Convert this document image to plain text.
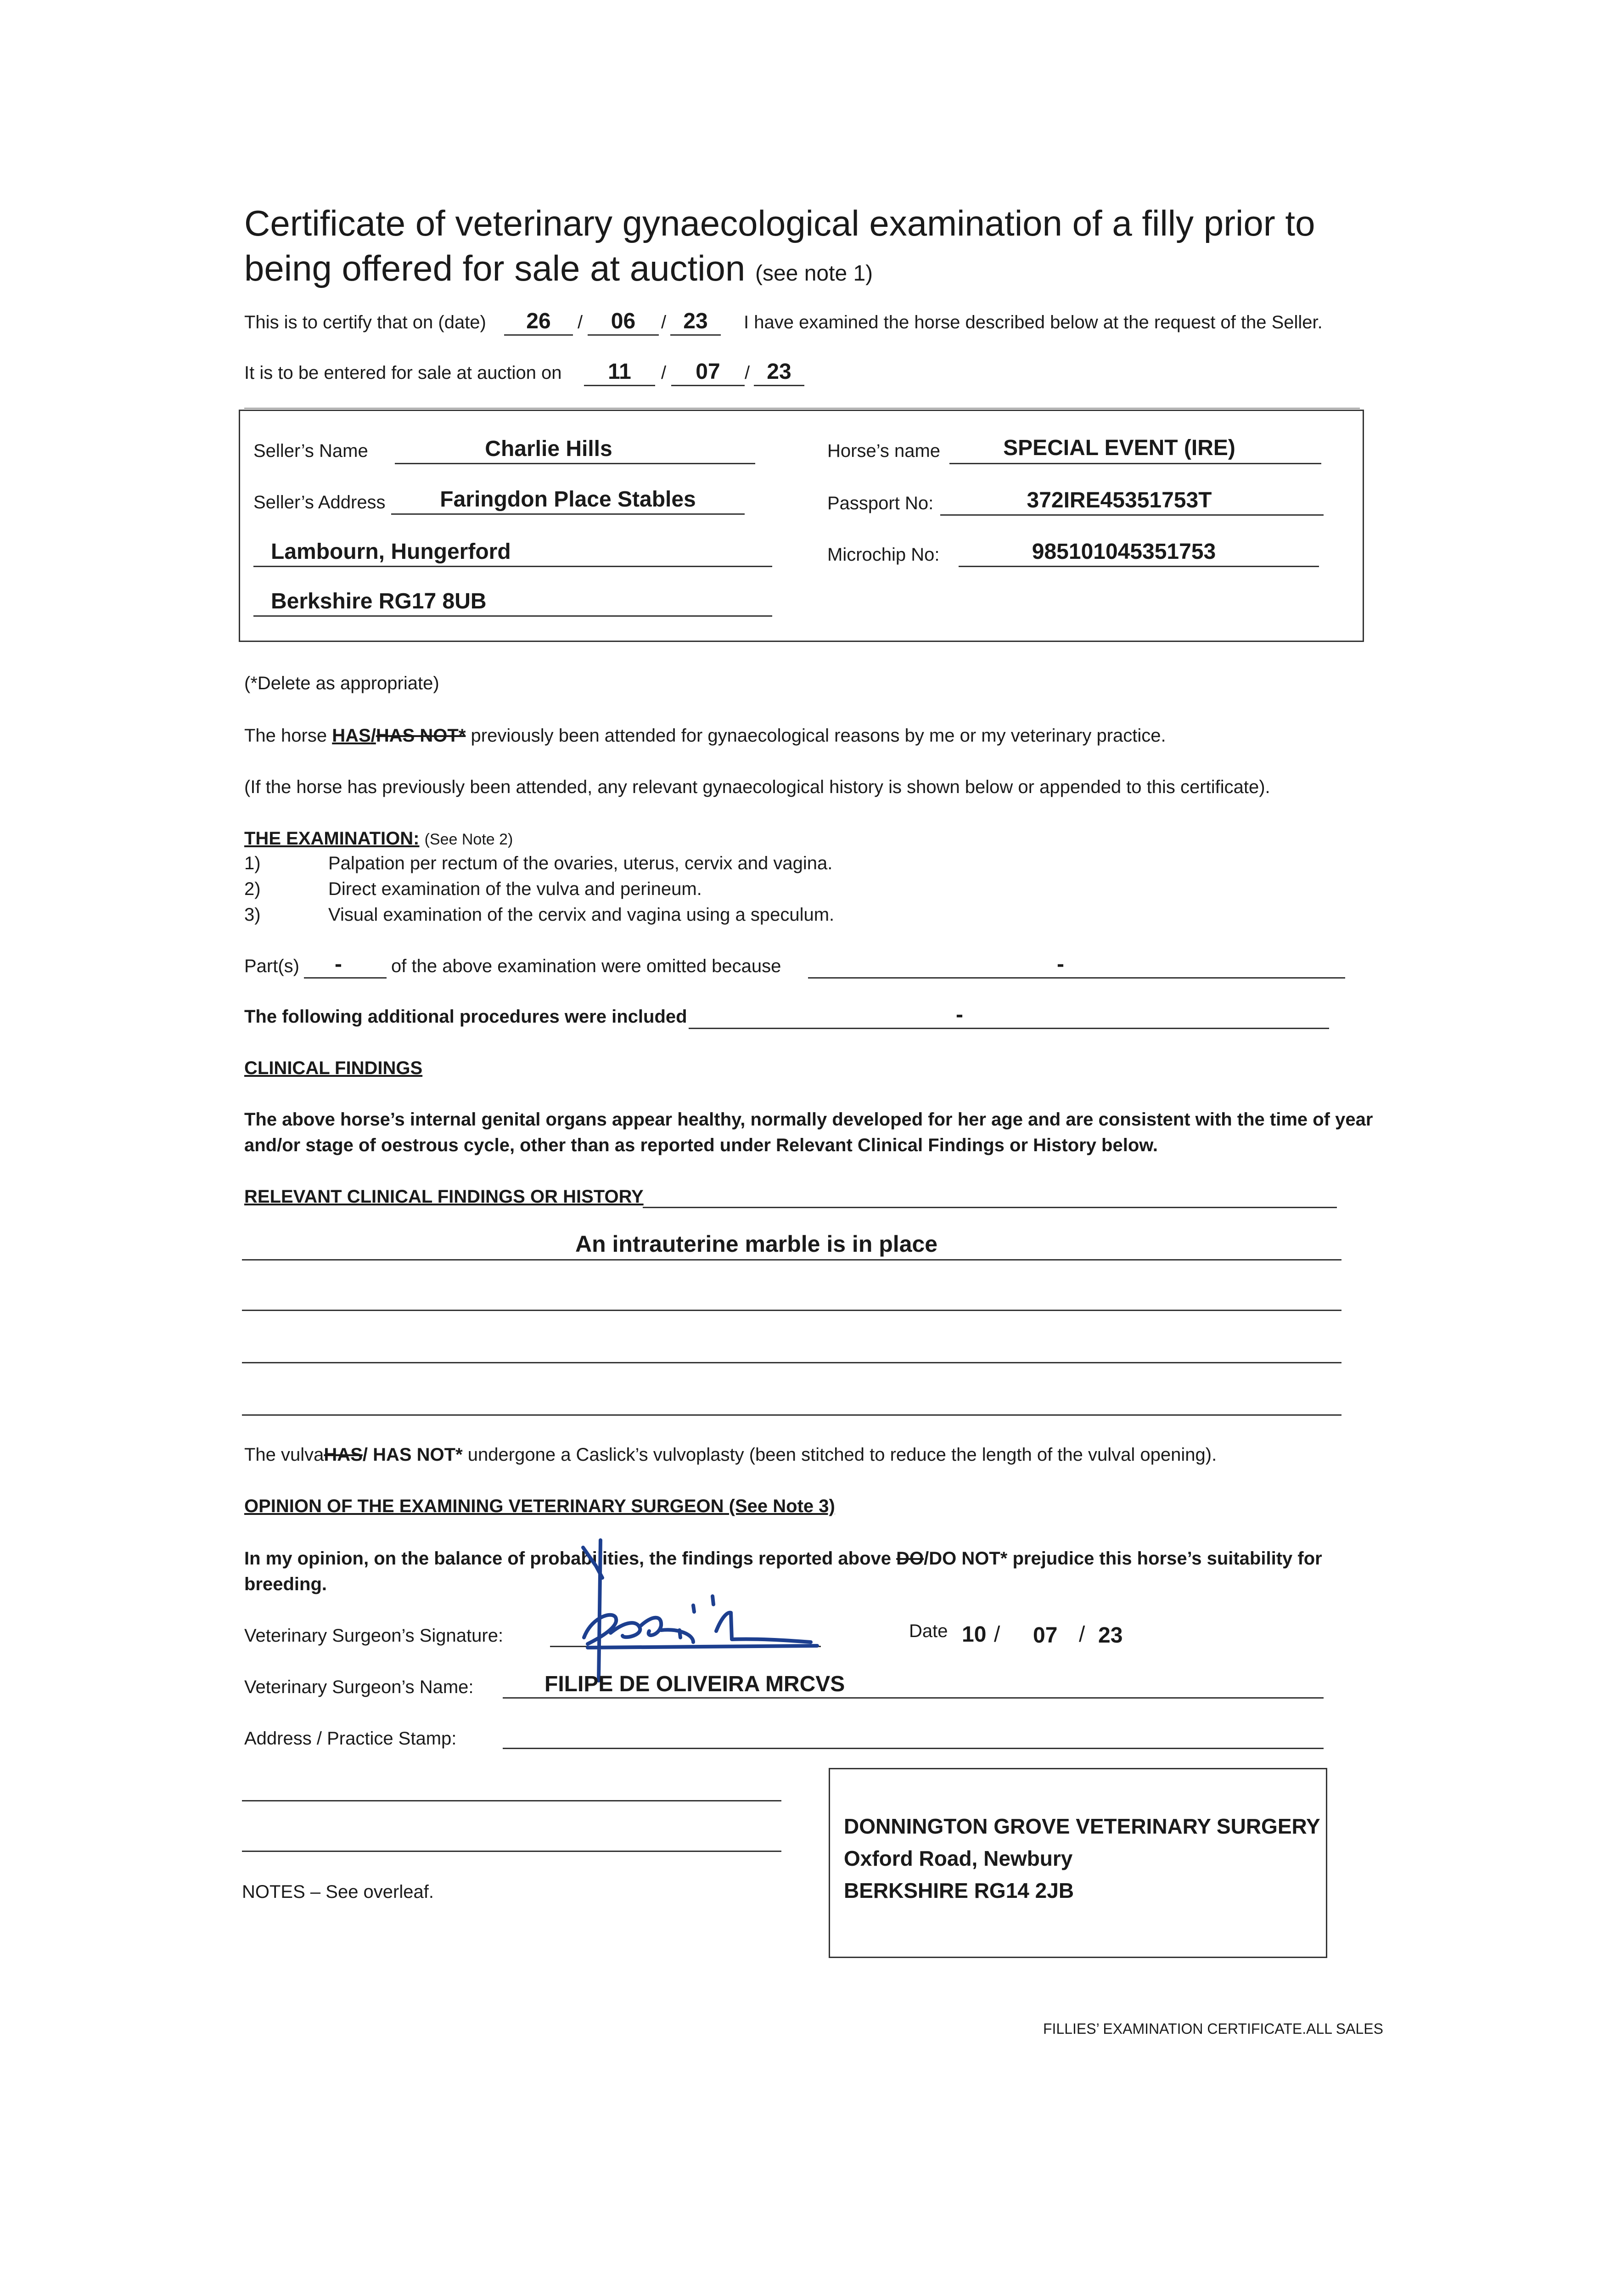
Certificate of veterinary gynaecological examination of a filly prior to
being offered for sale at auction (see note 1)
This is to certify that on (date)	26	/	06	/ 23	I have examined the horse described below at the request of the Seller.
It is to be entered for sale at auction on	11	/	07	/ 23
Seller’s Name	Charlie Hills
Seller’s Address	Faringdon Place Stables
Lambourn, Hungerford
Berkshire RG17 8UB
Horse’s name	SPECIAL EVENT (IRE)
Passport No:	372IRE45351753T
Microchip No:	985101045351753
(*Delete as appropriate)
The horse HAS/HAS NOT* previously been attended for gynaecological reasons by me or my veterinary practice.
(If the horse has previously been attended, any relevant gynaecological history is shown below or appended to this certificate).
THE EXAMINATION: (See Note 2)
1)	Palpation per rectum of the ovaries, uterus, cervix and vagina.
2)	Direct examination of the vulva and perineum.
3)	Visual examination of the cervix and vagina using a speculum.
Part(s)	-	of the above examination were omitted because	-
The following additional procedures were included	-
CLINICAL FINDINGS
The above horse’s internal genital organs appear healthy, normally developed for her age and are consistent with the time of year
and/or stage of oestrous cycle, other than as reported under Relevant Clinical Findings or History below.
RELEVANT CLINICAL FINDINGS OR HISTORY
An intrauterine marble is in place
The vulvaHAS/ HAS NOT* undergone a Caslick’s vulvoplasty (been stitched to reduce the length of the vulval opening).
OPINION OF THE EXAMINING VETERINARY SURGEON (See Note 3)
In my opinion, on the balance of probabilities, the findings reported above DO/DO NOT* prejudice this horse’s suitability for
breeding.
Veterinary Surgeon’s Signature:	Date 10 / 07 / 23
Veterinary Surgeon’s Name:	FILIPE DE OLIVEIRA MRCVS
Address / Practice Stamp:
NOTES – See overleaf.
DONNINGTON GROVE VETERINARY SURGERY
Oxford Road, Newbury
BERKSHIRE RG14 2JB
FILLIES’ EXAMINATION CERTIFICATE.ALL SALES
